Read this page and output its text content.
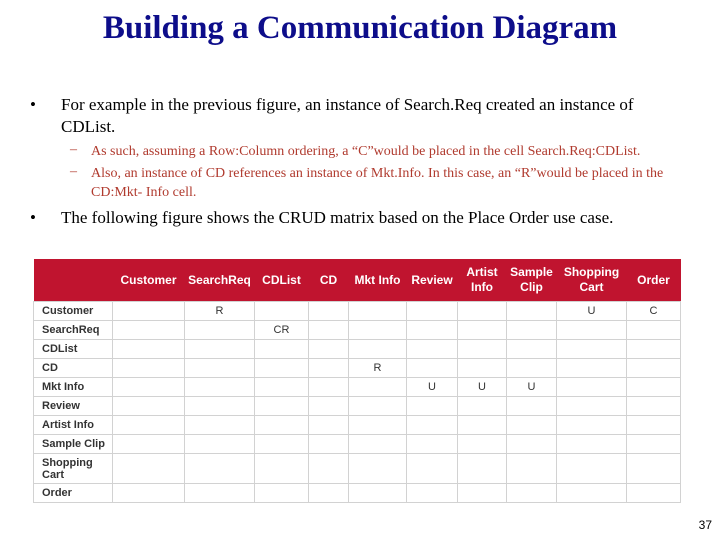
Building a Communication Diagram
• For example in the previous figure, an instance of Search.Req created an instance of CDList.
– As such, assuming a Row:Column ordering, a “C”would be placed in the cell Search.Req:CDList.
– Also, an instance of CD references an instance of Mkt.Info. In this case, an “R”would be placed in the CD:Mkt- Info cell.
• The following figure shows the CRUD matrix based on the Place Order use case.
	Customer	SearchReq	CDList	CD	Mkt Info	Review	Artist Info	Sample Clip	Shopping Cart	Order
Customer		R							U	C
SearchReq			CR							
CDList										
CD					R					
Mkt Info						U	U	U		
Review										
Artist Info										
Sample Clip										
Shopping Cart										
Order										
37
